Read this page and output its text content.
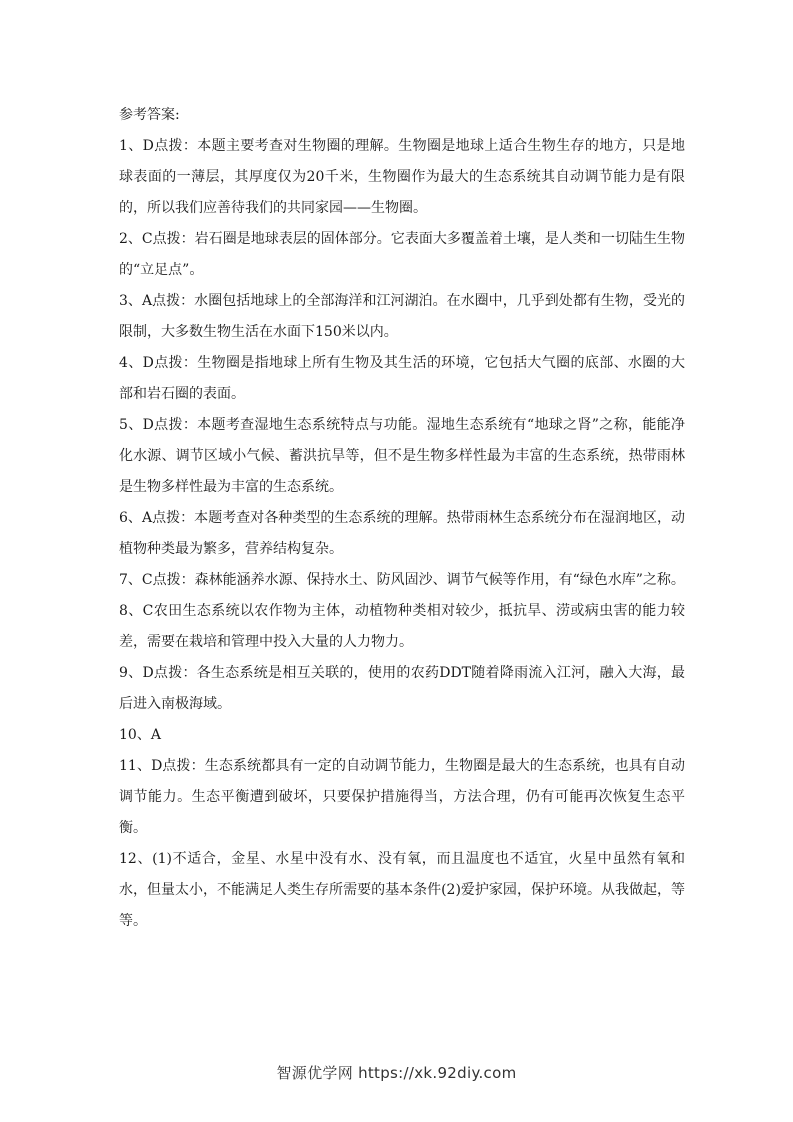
参考答案:

1、D点拨：本题主要考查对生物圈的理解。生物圈是地球上适合生物生存的地方，只是地球表面的一薄层，其厚度仅为20千米，生物圈作为最大的生态系统其自动调节能力是有限的，所以我们应善待我们的共同家园——生物圈。

2、C点拨：岩石圈是地球表层的固体部分。它表面大多覆盖着土壤，是人类和一切陆生生物的“立足点”。

3、A点拨：水圈包括地球上的全部海洋和江河湖泊。在水圈中，几乎到处都有生物，受光的限制，大多数生物生活在水面下150米以内。

4、D点拨：生物圈是指地球上所有生物及其生活的环境，它包括大气圈的底部、水圈的大部和岩石圈的表面。

5、D点拨：本题考查湿地生态系统特点与功能。湿地生态系统有“地球之肾”之称，能能净化水源、调节区域小气候、蓄洪抗旱等，但不是生物多样性最为丰富的生态系统，热带雨林是生物多样性最为丰富的生态系统。

6、A点拨：本题考查对各种类型的生态系统的理解。热带雨林生态系统分布在湿润地区，动植物种类最为繁多，营养结构复杂。

7、C点拨：森林能涵养水源、保持水土、防风固沙、调节气候等作用，有“绿色水库”之称。

8、C农田生态系统以农作物为主体，动植物种类相对较少，抵抗旱、涝或病虫害的能力较差，需要在栽培和管理中投入大量的人力物力。

9、D点拨：各生态系统是相互关联的，使用的农药DDT随着降雨流入江河，融入大海，最后进入南极海域。

10、A

11、D点拨：生态系统都具有一定的自动调节能力，生物圈是最大的生态系统，也具有自动调节能力。生态平衡遭到破坏，只要保护措施得当，方法合理，仍有可能再次恢复生态平衡。

12、(1)不适合，金星、水星中没有水、没有氧，而且温度也不适宜，火星中虽然有氧和水，但量太小，不能满足人类生存所需要的基本条件(2)爱护家园，保护环境。从我做起，等等。

智源优学网 https://xk.92diy.com
